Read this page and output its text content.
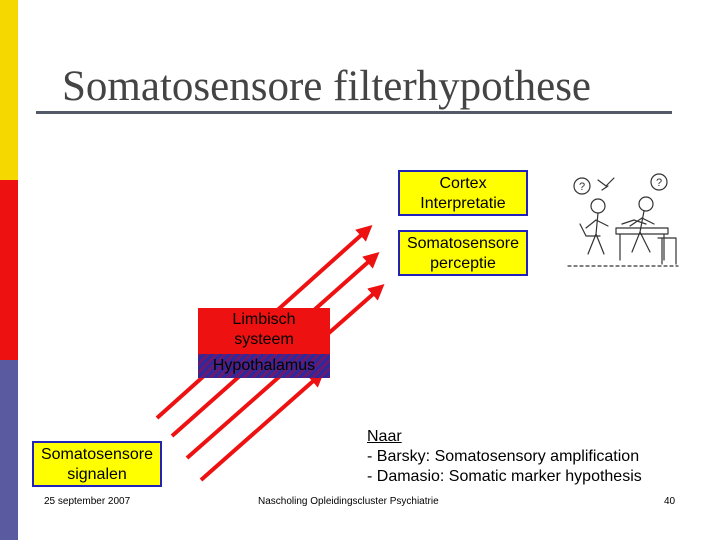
Somatosensore filterhypothese
Cortex
Interpretatie
Somatosensore
perceptie
Limbisch
systeem
Hypothalamus
Somatosensore
signalen
?	?
Naar
- Barsky: Somatosensory amplification
- Damasio: Somatic marker hypothesis
25 september 2007	Nascholing Opleidingscluster Psychiatrie	40
